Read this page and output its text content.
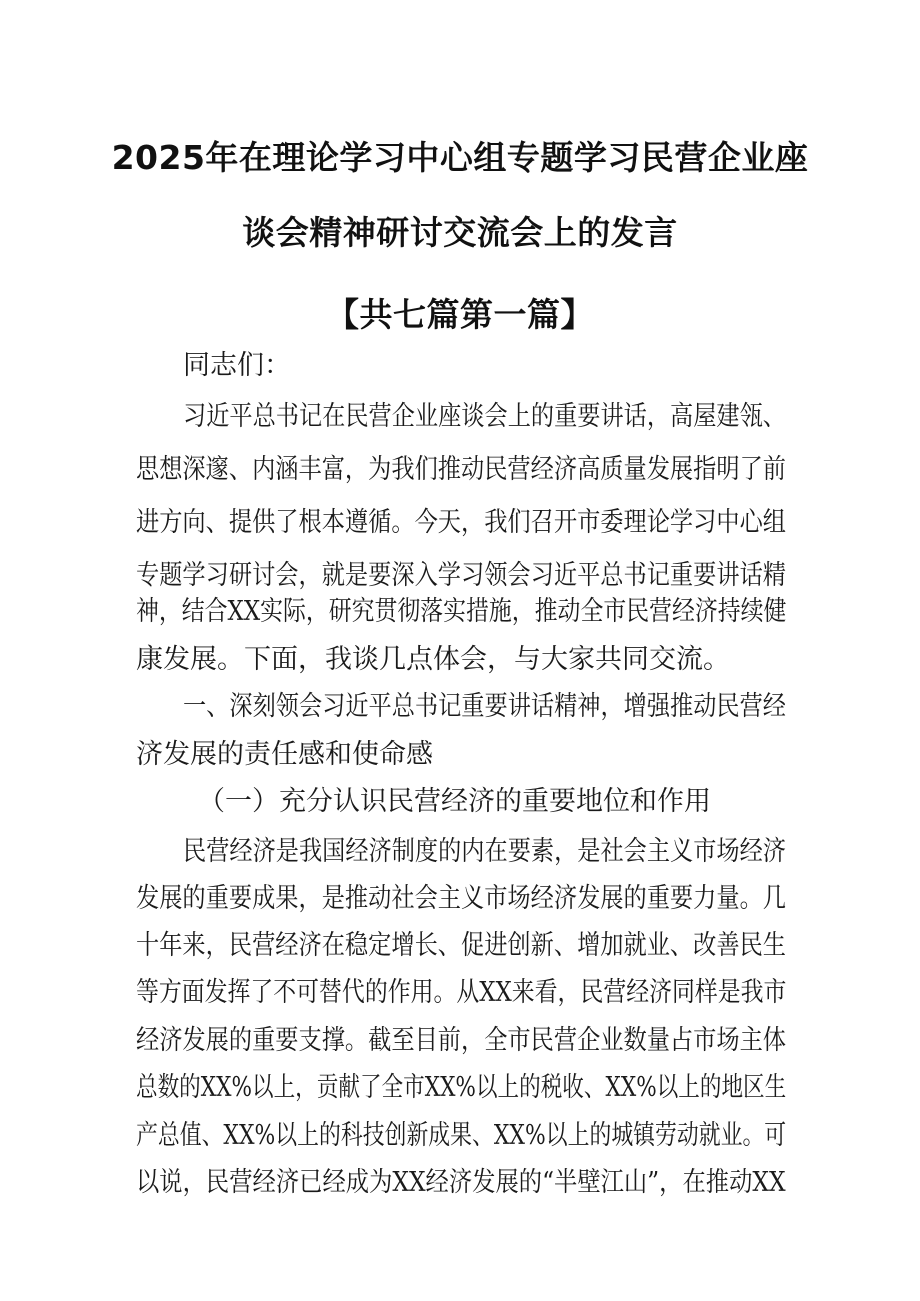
2025年在理论学习中心组专题学习民营企业座
谈会精神研讨交流会上的发言
【共七篇第一篇】
同志们：
习近平总书记在民营企业座谈会上的重要讲话，高屋建瓴、
思想深邃、内涵丰富，为我们推动民营经济高质量发展指明了前
进方向、提供了根本遵循。今天，我们召开市委理论学习中心组
专题学习研讨会，就是要深入学习领会习近平总书记重要讲话精
神，结合XX实际，研究贯彻落实措施，推动全市民营经济持续健
康发展。下面，我谈几点体会，与大家共同交流。
一、深刻领会习近平总书记重要讲话精神，增强推动民营经
济发展的责任感和使命感
（一）充分认识民营经济的重要地位和作用
民营经济是我国经济制度的内在要素，是社会主义市场经济
发展的重要成果，是推动社会主义市场经济发展的重要力量。几
十年来，民营经济在稳定增长、促进创新、增加就业、改善民生
等方面发挥了不可替代的作用。从XX来看，民营经济同样是我市
经济发展的重要支撑。截至目前，全市民营企业数量占市场主体
总数的XX%以上，贡献了全市XX%以上的税收、XX%以上的地区生
产总值、XX%以上的科技创新成果、XX%以上的城镇劳动就业。可
以说，民营经济已经成为XX经济发展的“半壁江山”，在推动XX
